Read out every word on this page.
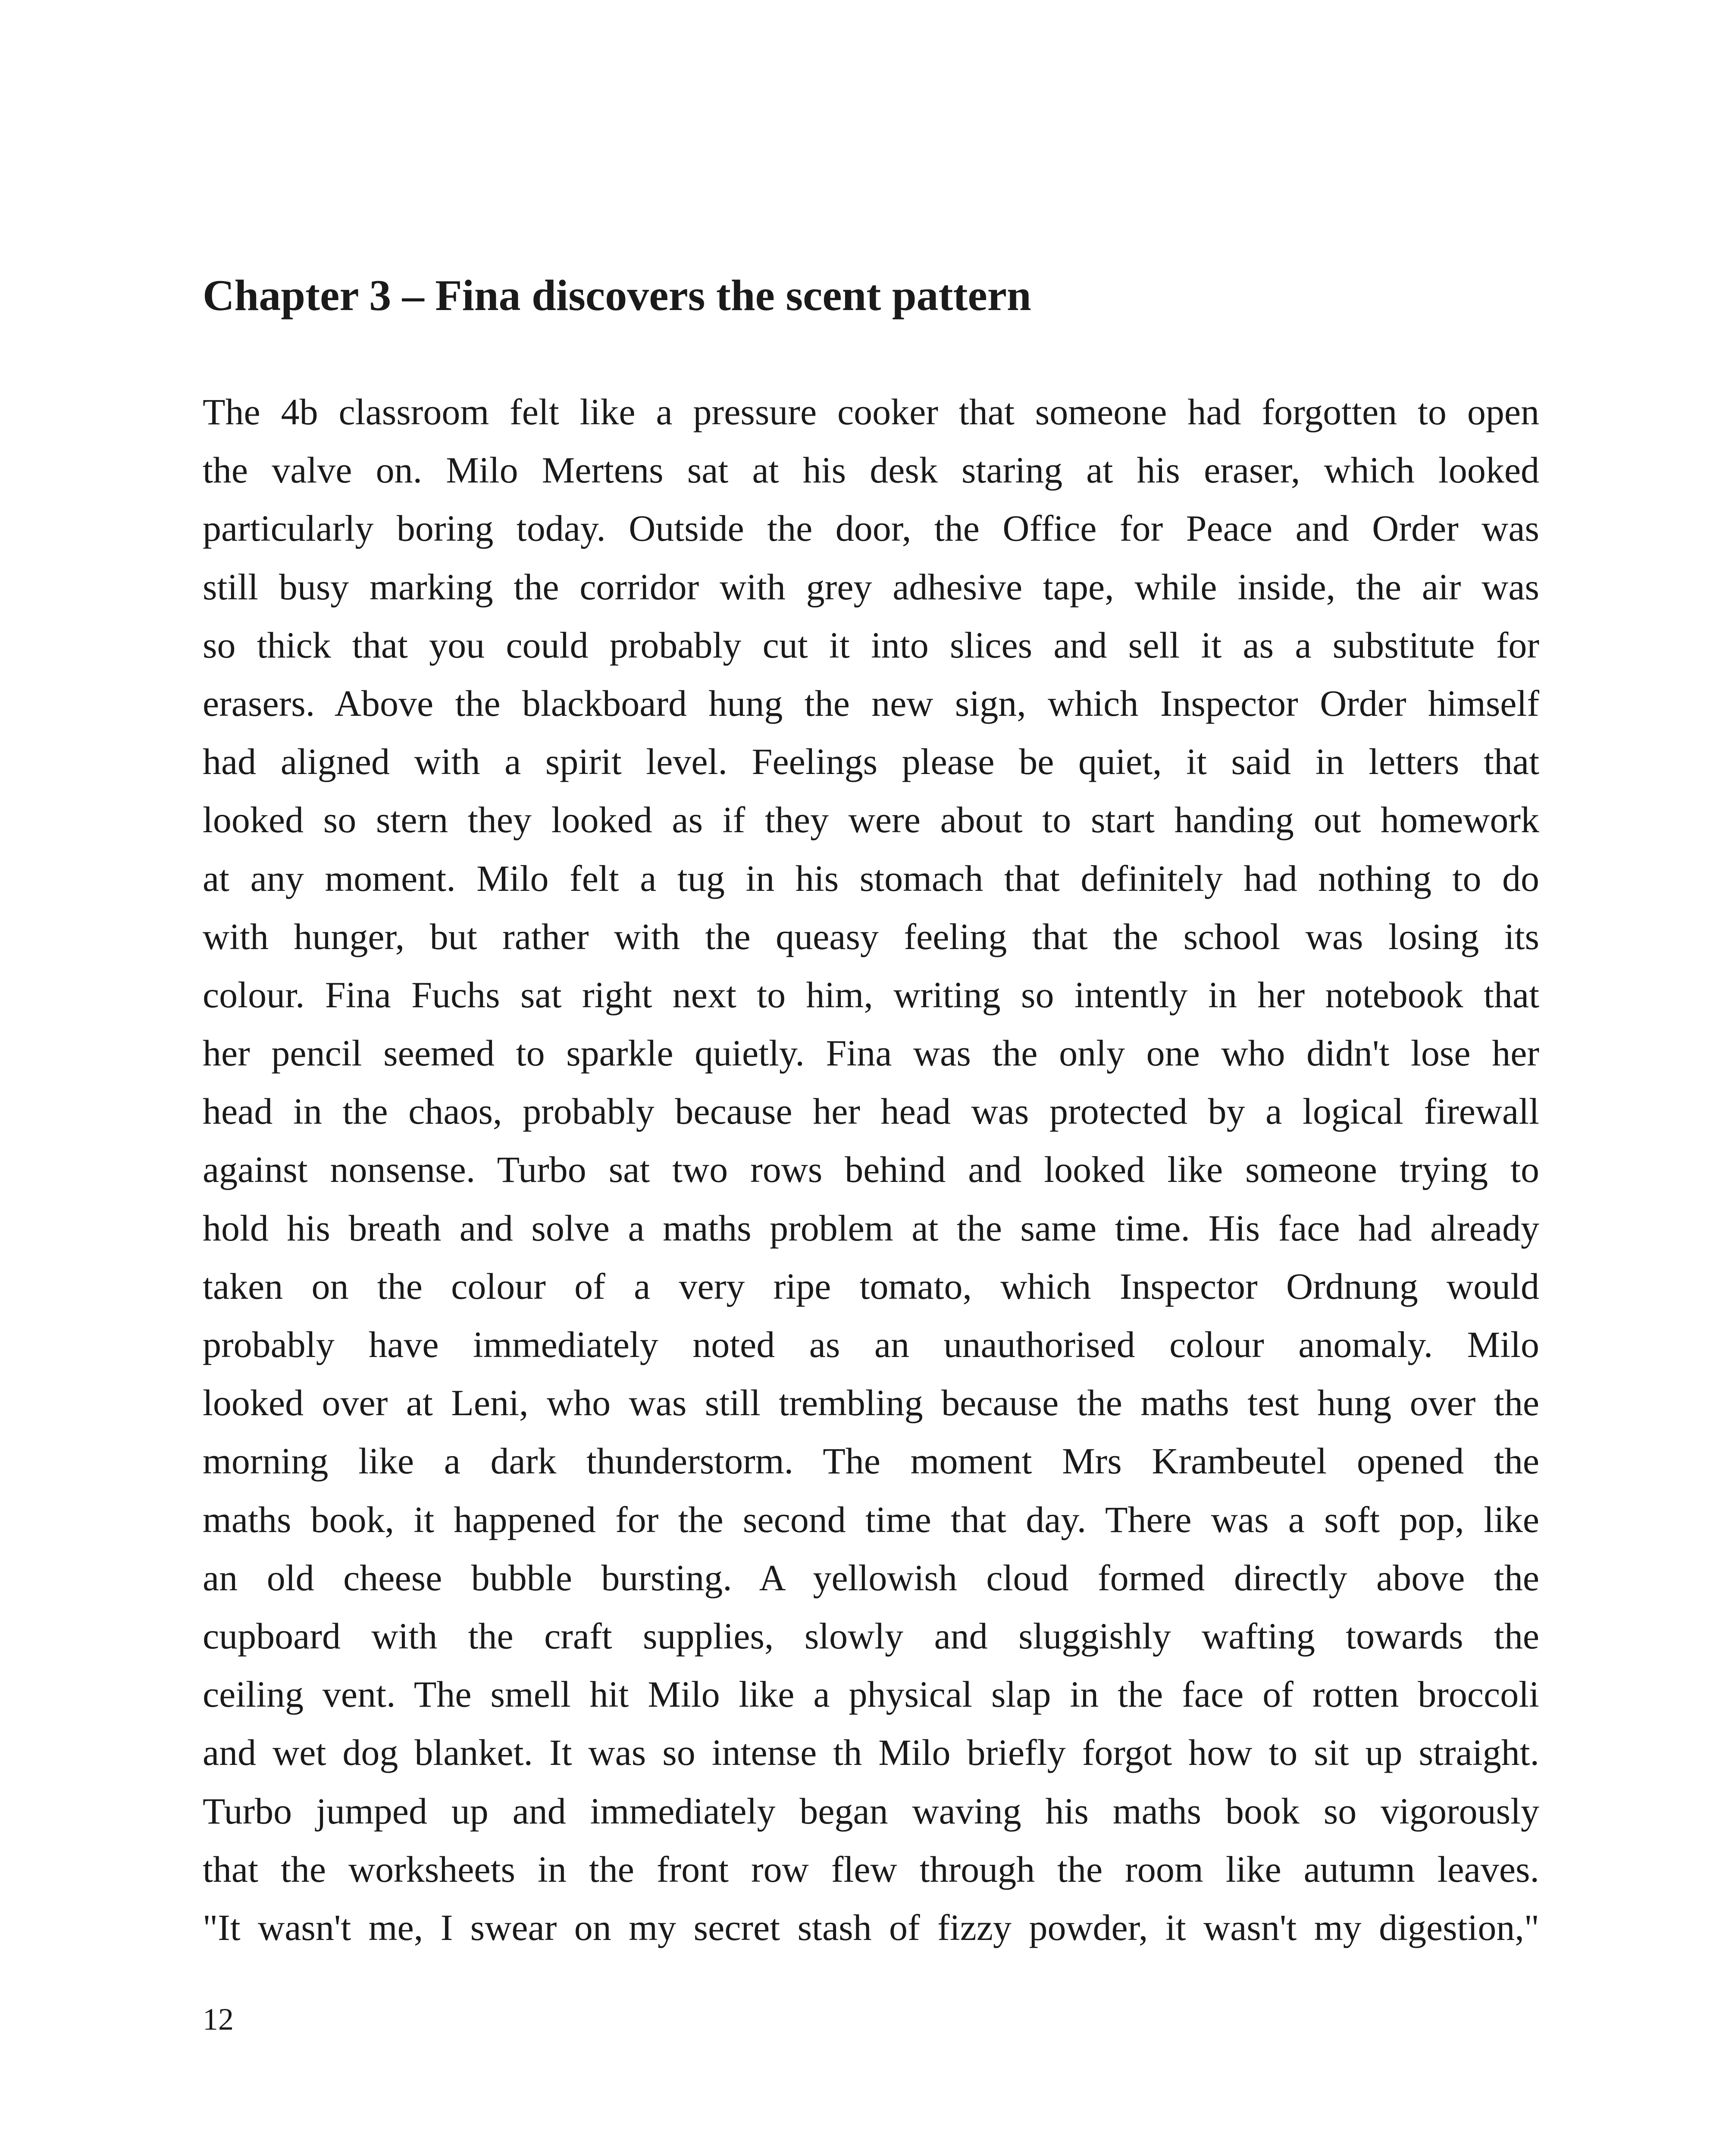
Chapter 3 – Fina discovers the scent pattern
The 4b classroom felt like a pressure cooker that someone had forgotten to open
the valve on. Milo Mertens sat at his desk staring at his eraser, which looked
particularly boring today. Outside the door, the Office for Peace and Order was
still busy marking the corridor with grey adhesive tape, while inside, the air was
so thick that you could probably cut it into slices and sell it as a substitute for
erasers. Above the blackboard hung the new sign, which Inspector Order himself
had aligned with a spirit level. Feelings please be quiet, it said in letters that
looked so stern they looked as if they were about to start handing out homework
at any moment. Milo felt a tug in his stomach that definitely had nothing to do
with hunger, but rather with the queasy feeling that the school was losing its
colour. Fina Fuchs sat right next to him, writing so intently in her notebook that
her pencil seemed to sparkle quietly. Fina was the only one who didn't lose her
head in the chaos, probably because her head was protected by a logical firewall
against nonsense. Turbo sat two rows behind and looked like someone trying to
hold his breath and solve a maths problem at the same time. His face had already
taken on the colour of a very ripe tomato, which Inspector Ordnung would
probably have immediately noted as an unauthorised colour anomaly. Milo
looked over at Leni, who was still trembling because the maths test hung over the
morning like a dark thunderstorm. The moment Mrs Krambeutel opened the
maths book, it happened for the second time that day. There was a soft pop, like
an old cheese bubble bursting. A yellowish cloud formed directly above the
cupboard with the craft supplies, slowly and sluggishly wafting towards the
ceiling vent. The smell hit Milo like a physical slap in the face of rotten broccoli
and wet dog blanket. It was so intense th Milo briefly forgot how to sit up straight.
Turbo jumped up and immediately began waving his maths book so vigorously
that the worksheets in the front row flew through the room like autumn leaves.
"It wasn't me, I swear on my secret stash of fizzy powder, it wasn't my digestion,"

12
